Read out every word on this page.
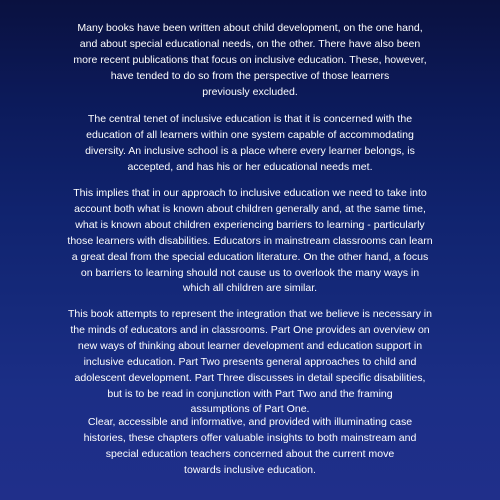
Many books have been written about child development, on the one hand,
and about special educational needs, on the other. There have also been
more recent publications that focus on inclusive education. These, however,
have tended to do so from the perspective of those learners
previously excluded.
The central tenet of inclusive education is that it is concerned with the
education of all learners within one system capable of accommodating
diversity. An inclusive school is a place where every learner belongs, is
accepted, and has his or her educational needs met.
This implies that in our approach to inclusive education we need to take into
account both what is known about children generally and, at the same time,
what is known about children experiencing barriers to learning - particularly
those learners with disabilities. Educators in mainstream classrooms can learn
a great deal from the special education literature. On the other hand, a focus
on barriers to learning should not cause us to overlook the many ways in
which all children are similar.
This book attempts to represent the integration that we believe is necessary in
the minds of educators and in classrooms. Part One provides an overview on
new ways of thinking about learner development and education support in
inclusive education. Part Two presents general approaches to child and
adolescent development. Part Three discusses in detail specific disabilities,
but is to be read in conjunction with Part Two and the framing
assumptions of Part One.
Clear, accessible and informative, and provided with illuminating case
histories, these chapters offer valuable insights to both mainstream and
special education teachers concerned about the current move
towards inclusive education.
